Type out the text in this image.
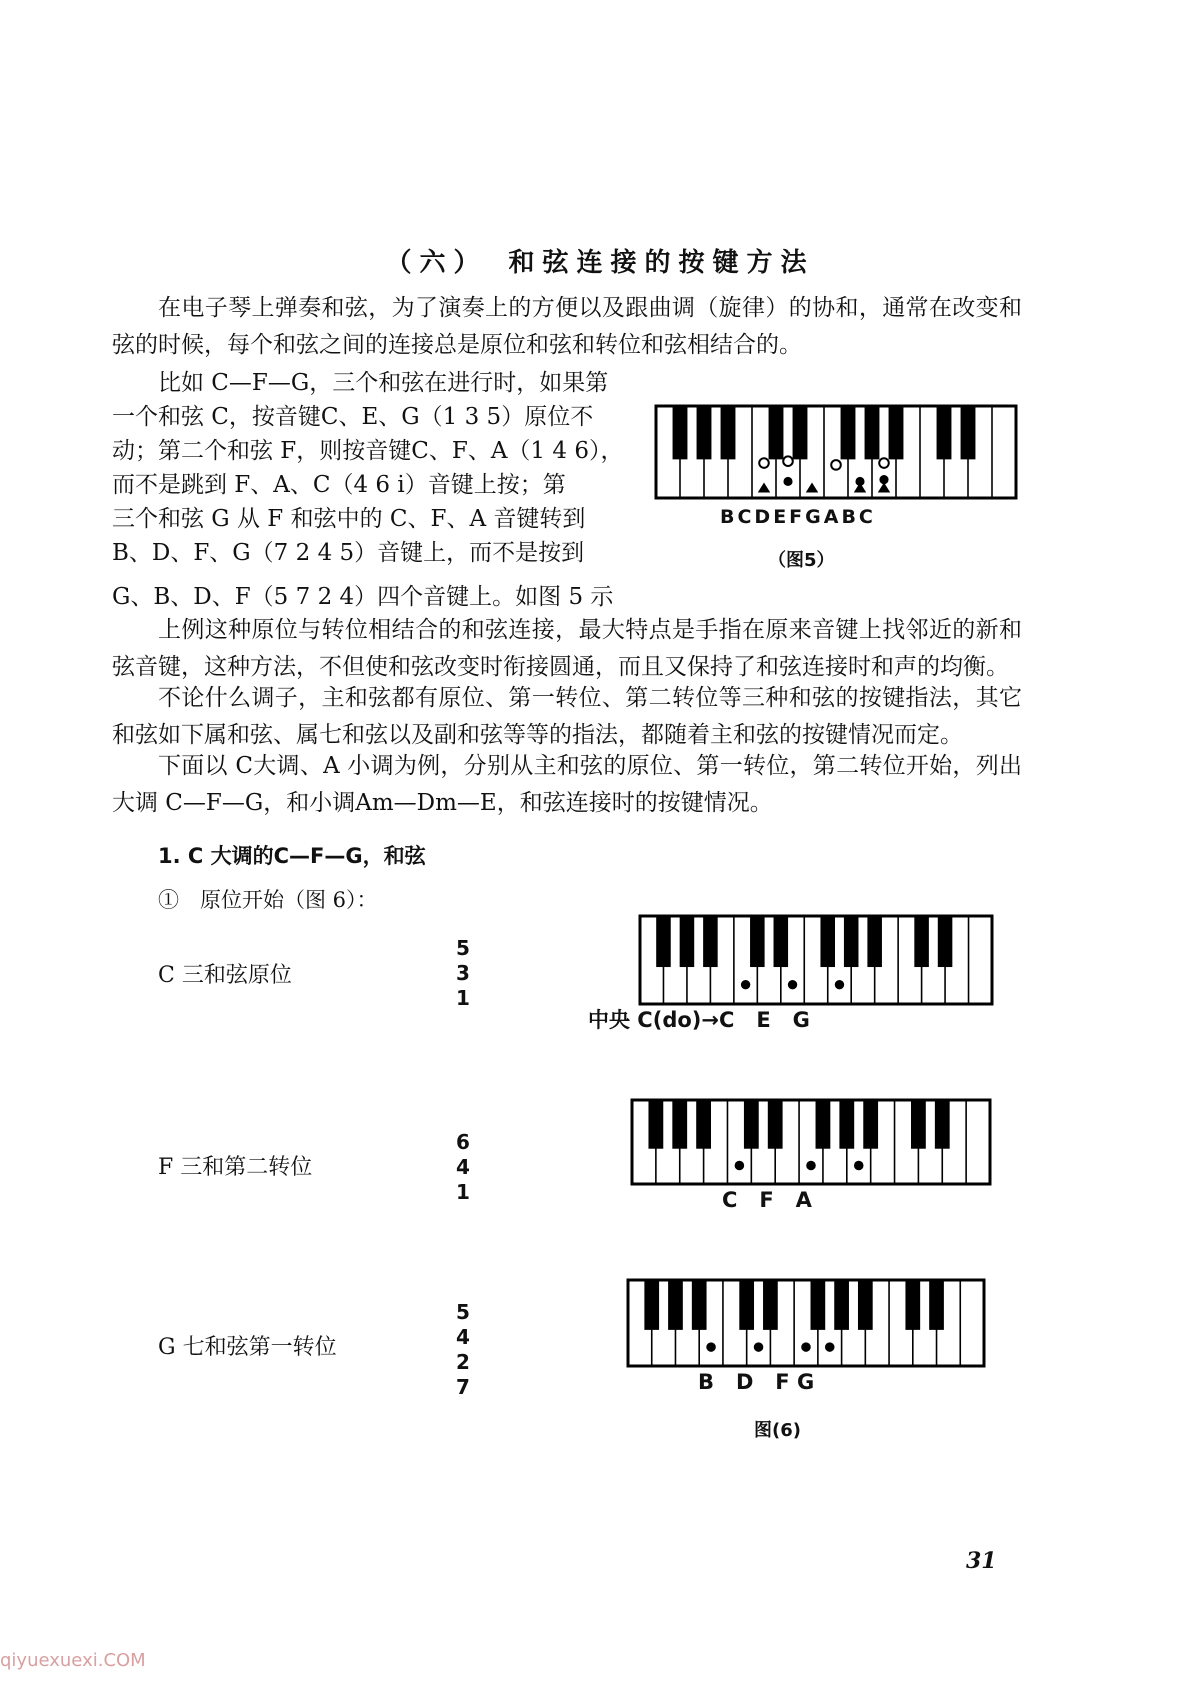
（六）　和弦连接的按键方法
在电子琴上弹奏和弦，为了演奏上的方便以及跟曲调（旋律）的协和，通常在改变和弦的时候，每个和弦之间的连接总是原位和弦和转位和弦相结合的。
比如 C—F—G，三个和弦在进行时，如果第
一个和弦 C，按音键C、E、G（1 3 5）原位不
动；第二个和弦 F，则按音键C、F、A（1 4 6），
而不是跳到 F、A、C（4 6 i）音键上按；第
三个和弦 G 从 F 和弦中的 C、F、A 音键转到
B、D、F、G（7 2 4 5）音键上，而不是按到
G、B、D、F（5 7 2 4）四个音键上。如图 5 示
BCDEFGABC
（图5）
上例这种原位与转位相结合的和弦连接，最大特点是手指在原来音键上找邻近的新和弦音键，这种方法，不但使和弦改变时衔接圆通，而且又保持了和弦连接时和声的均衡。
不论什么调子，主和弦都有原位、第一转位、第二转位等三种和弦的按键指法，其它和弦如下属和弦、属七和弦以及副和弦等等的指法，都随着主和弦的按键情况而定。
下面以 C大调、A 小调为例，分别从主和弦的原位、第一转位，第二转位开始，列出大调 C—F—G，和小调Am—Dm—E，和弦连接时的按键情况。
1. C 大调的C—F—G，和弦
①　原位开始（图 6）：
C 三和弦原位
5
3
1
中央 C(do)→C   E   G
F 三和第二转位
6
4
1	C   F   A
G 七和弦第一转位
5
4
2
7	B   D   F G
图(6)
31
qiyuexuexi.COM
